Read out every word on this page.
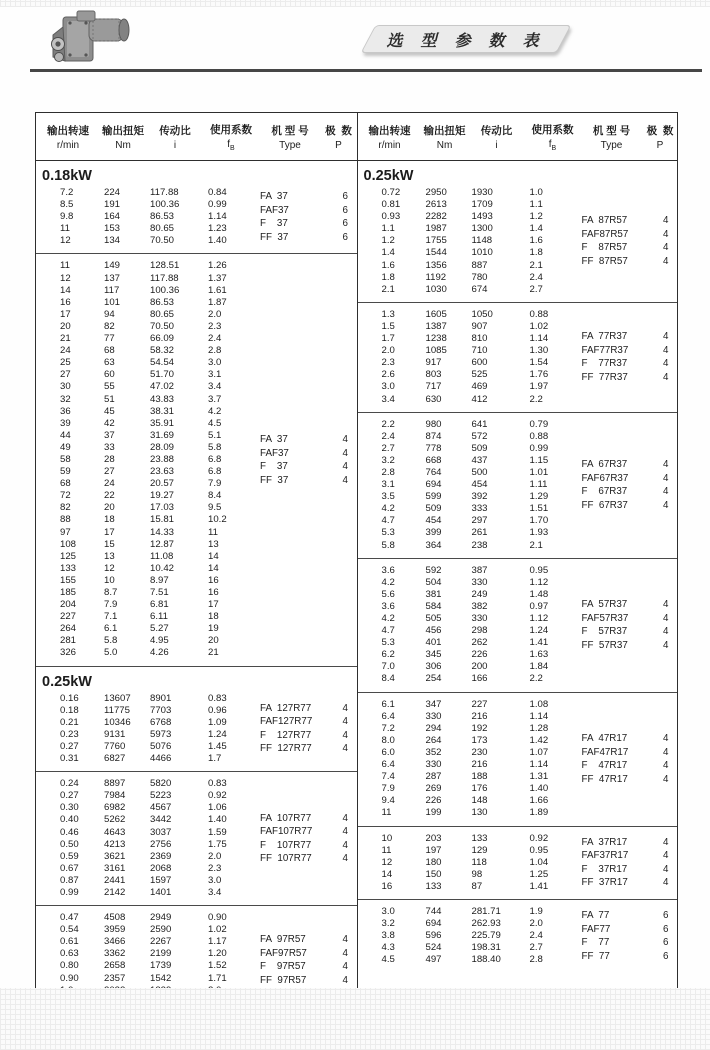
选 型 参 数 表
输出转速
r/min
输出扭矩
Nm
传动比
i
使用系数
$f_B$
机 型 号
Type
极  数
P
输出转速
r/min
输出扭矩
Nm
传动比
i
使用系数
$f_B$
机 型 号
Type
极  数
P
0.18kW
7.2	224	117.88	0.84
8.5	191	100.36	0.99
9.8	164	86.53	1.14
11	153	80.65	1.23
12	134	70.50	1.40
FA  37	6
FAF37	6
F    37	6
FF  37	6
11	149	128.51	1.26
12	137	117.88	1.37
14	117	100.36	1.61
16	101	86.53	1.87
17	94	80.65	2.0
20	82	70.50	2.3
21	77	66.09	2.4
24	68	58.32	2.8
25	63	54.54	3.0
27	60	51.70	3.1
30	55	47.02	3.4
32	51	43.83	3.7
36	45	38.31	4.2
39	42	35.91	4.5
44	37	31.69	5.1
49	33	28.09	5.8
58	28	23.88	6.8
59	27	23.63	6.8
68	24	20.57	7.9
72	22	19.27	8.4
82	20	17.03	9.5
88	18	15.81	10.2
97	17	14.33	11
108	15	12.87	13
125	13	11.08	14
133	12	10.42	14
155	10	8.97	16
185	8.7	7.51	16
204	7.9	6.81	17
227	7.1	6.11	18
264	6.1	5.27	19
281	5.8	4.95	20
326	5.0	4.26	21
FA  37	4
FAF37	4
F    37	4
FF  37	4
0.25kW
0.16	13607	8901	0.83
0.18	11775	7703	0.96
0.21	10346	6768	1.09
0.23	9131	5973	1.24
0.27	7760	5076	1.45
0.31	6827	4466	1.7
FA  127R77	4
FAF127R77	4
F    127R77	4
FF  127R77	4
0.24	8897	5820	0.83
0.27	7984	5223	0.92
0.30	6982	4567	1.06
0.40	5262	3442	1.40
0.46	4643	3037	1.59
0.50	4213	2756	1.75
0.59	3621	2369	2.0
0.67	3161	2068	2.3
0.87	2441	1597	3.0
0.99	2142	1401	3.4
FA  107R77	4
FAF107R77	4
F    107R77	4
FF  107R77	4
0.47	4508	2949	0.90
0.54	3959	2590	1.02
0.61	3466	2267	1.17
0.63	3362	2199	1.20
0.80	2658	1739	1.52
0.90	2357	1542	1.71
FA  97R57	4
FAF97R57	4
F    97R57	4
FF  97R57	4
0.25kW
0.72	2950	1930	1.0
0.81	2613	1709	1.1
0.93	2282	1493	1.2
1.1	1987	1300	1.4
1.2	1755	1148	1.6
1.4	1544	1010	1.8
1.6	1356	887	2.1
1.8	1192	780	2.4
2.1	1030	674	2.7
FA  87R57	4
FAF87R57	4
F    87R57	4
FF  87R57	4
1.3	1605	1050	0.88
1.5	1387	907	1.02
1.7	1238	810	1.14
2.0	1085	710	1.30
2.3	917	600	1.54
2.6	803	525	1.76
3.0	717	469	1.97
3.4	630	412	2.2
FA  77R37	4
FAF77R37	4
F    77R37	4
FF  77R37	4
2.2	980	641	0.79
2.4	874	572	0.88
2.7	778	509	0.99
3.2	668	437	1.15
2.8	764	500	1.01
3.1	694	454	1.11
3.5	599	392	1.29
4.2	509	333	1.51
4.7	454	297	1.70
5.3	399	261	1.93
5.8	364	238	2.1
FA  67R37	4
FAF67R37	4
F    67R37	4
FF  67R37	4
3.6	592	387	0.95
4.2	504	330	1.12
5.6	381	249	1.48
3.6	584	382	0.97
4.2	505	330	1.12
4.7	456	298	1.24
5.3	401	262	1.41
6.2	345	226	1.63
7.0	306	200	1.84
8.4	254	166	2.2
FA  57R37	4
FAF57R37	4
F    57R37	4
FF  57R37	4
6.1	347	227	1.08
6.4	330	216	1.14
7.2	294	192	1.28
8.0	264	173	1.42
6.0	352	230	1.07
6.4	330	216	1.14
7.4	287	188	1.31
7.9	269	176	1.40
9.4	226	148	1.66
11	199	130	1.89
FA  47R17	4
FAF47R17	4
F    47R17	4
FF  47R17	4
10	203	133	0.92
11	197	129	0.95
12	180	118	1.04
14	150	98	1.25
16	133	87	1.41
FA  37R17	4
FAF37R17	4
F    37R17	4
FF  37R17	4
3.0	744	281.71	1.9
3.2	694	262.93	2.0
3.8	596	225.79	2.4
4.3	524	198.31	2.7
4.5	497	188.40	2.8
FA  77	6
FAF77	6
F    77	6
FF  77	6
